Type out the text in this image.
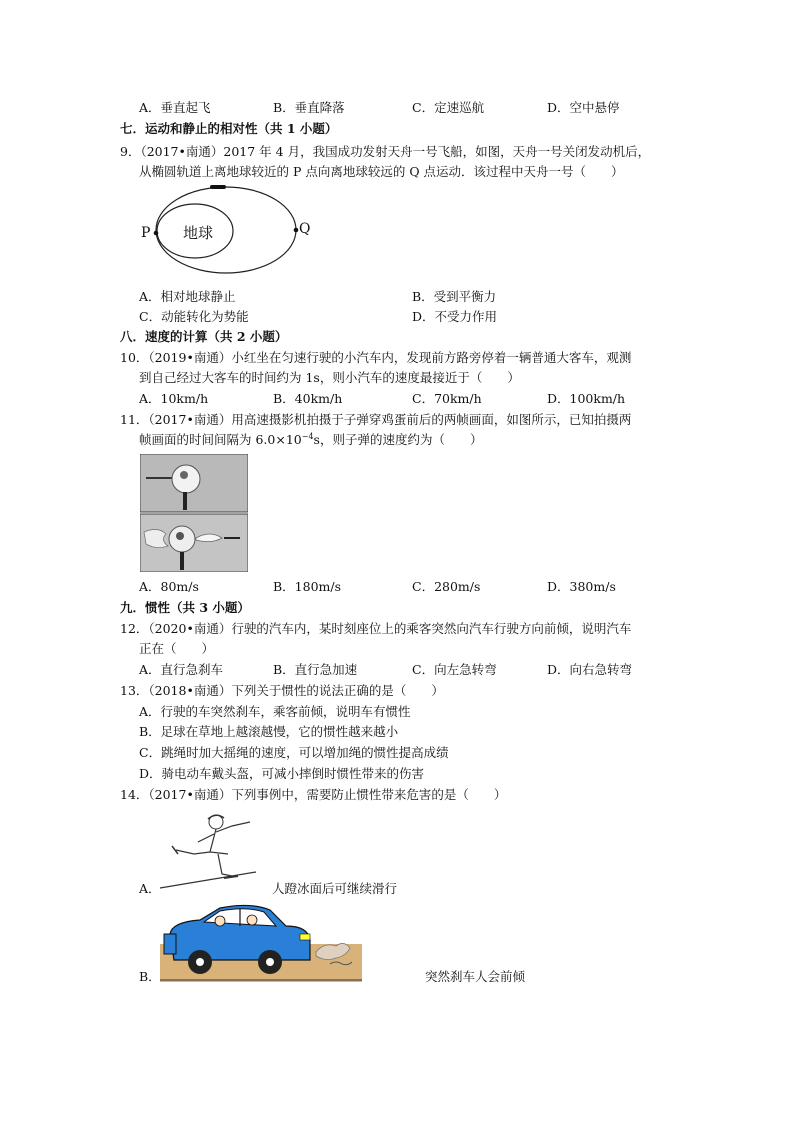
A．垂直起飞	B．垂直降落	C．定速巡航	D．空中悬停
七．运动和静止的相对性（共 1 小题）
9．（2017•南通）2017 年 4 月，我国成功发射天舟一号飞船，如图，天舟一号关闭发动机后，
从椭圆轨道上离地球较近的 P 点向离地球较远的 Q 点运动．该过程中天舟一号（　　）
P	Q
地球
A．相对地球静止	B．受到平衡力
C．动能转化为势能	D．不受力作用
八．速度的计算（共 2 小题）
10．（2019•南通）小红坐在匀速行驶的小汽车内，发现前方路旁停着一辆普通大客车，观测
到自己经过大客车的时间约为 1s，则小汽车的速度最接近于（　　）
A．10km/h	B．40km/h	C．70km/h	D．100km/h
11．（2017•南通）用高速摄影机拍摄于子弹穿鸡蛋前后的两帧画面，如图所示，已知拍摄两
帧画面的时间间隔为 $6.0\times 10^{-4}s$，则子弹的速度约为（　　）
A．80m/s	B．180m/s	C．280m/s	D．380m/s
九．惯性（共 3 小题）
12．（2020•南通）行驶的汽车内，某时刻座位上的乘客突然向汽车行驶方向前倾，说明汽车
正在（　　）
A．直行急刹车	B．直行急加速	C．向左急转弯	D．向右急转弯
13．（2018•南通）下列关于惯性的说法正确的是（　　）
A．行驶的车突然刹车，乘客前倾，说明车有惯性
B．足球在草地上越滚越慢，它的惯性越来越小
C．跳绳时加大摇绳的速度，可以增加绳的惯性提高成绩
D．骑电动车戴头盔，可减小摔倒时惯性带来的伤害
14．（2017•南通）下列事例中，需要防止惯性带来危害的是（　　）
A．	人蹬冰面后可继续滑行
B．	突然刹车人会前倾
